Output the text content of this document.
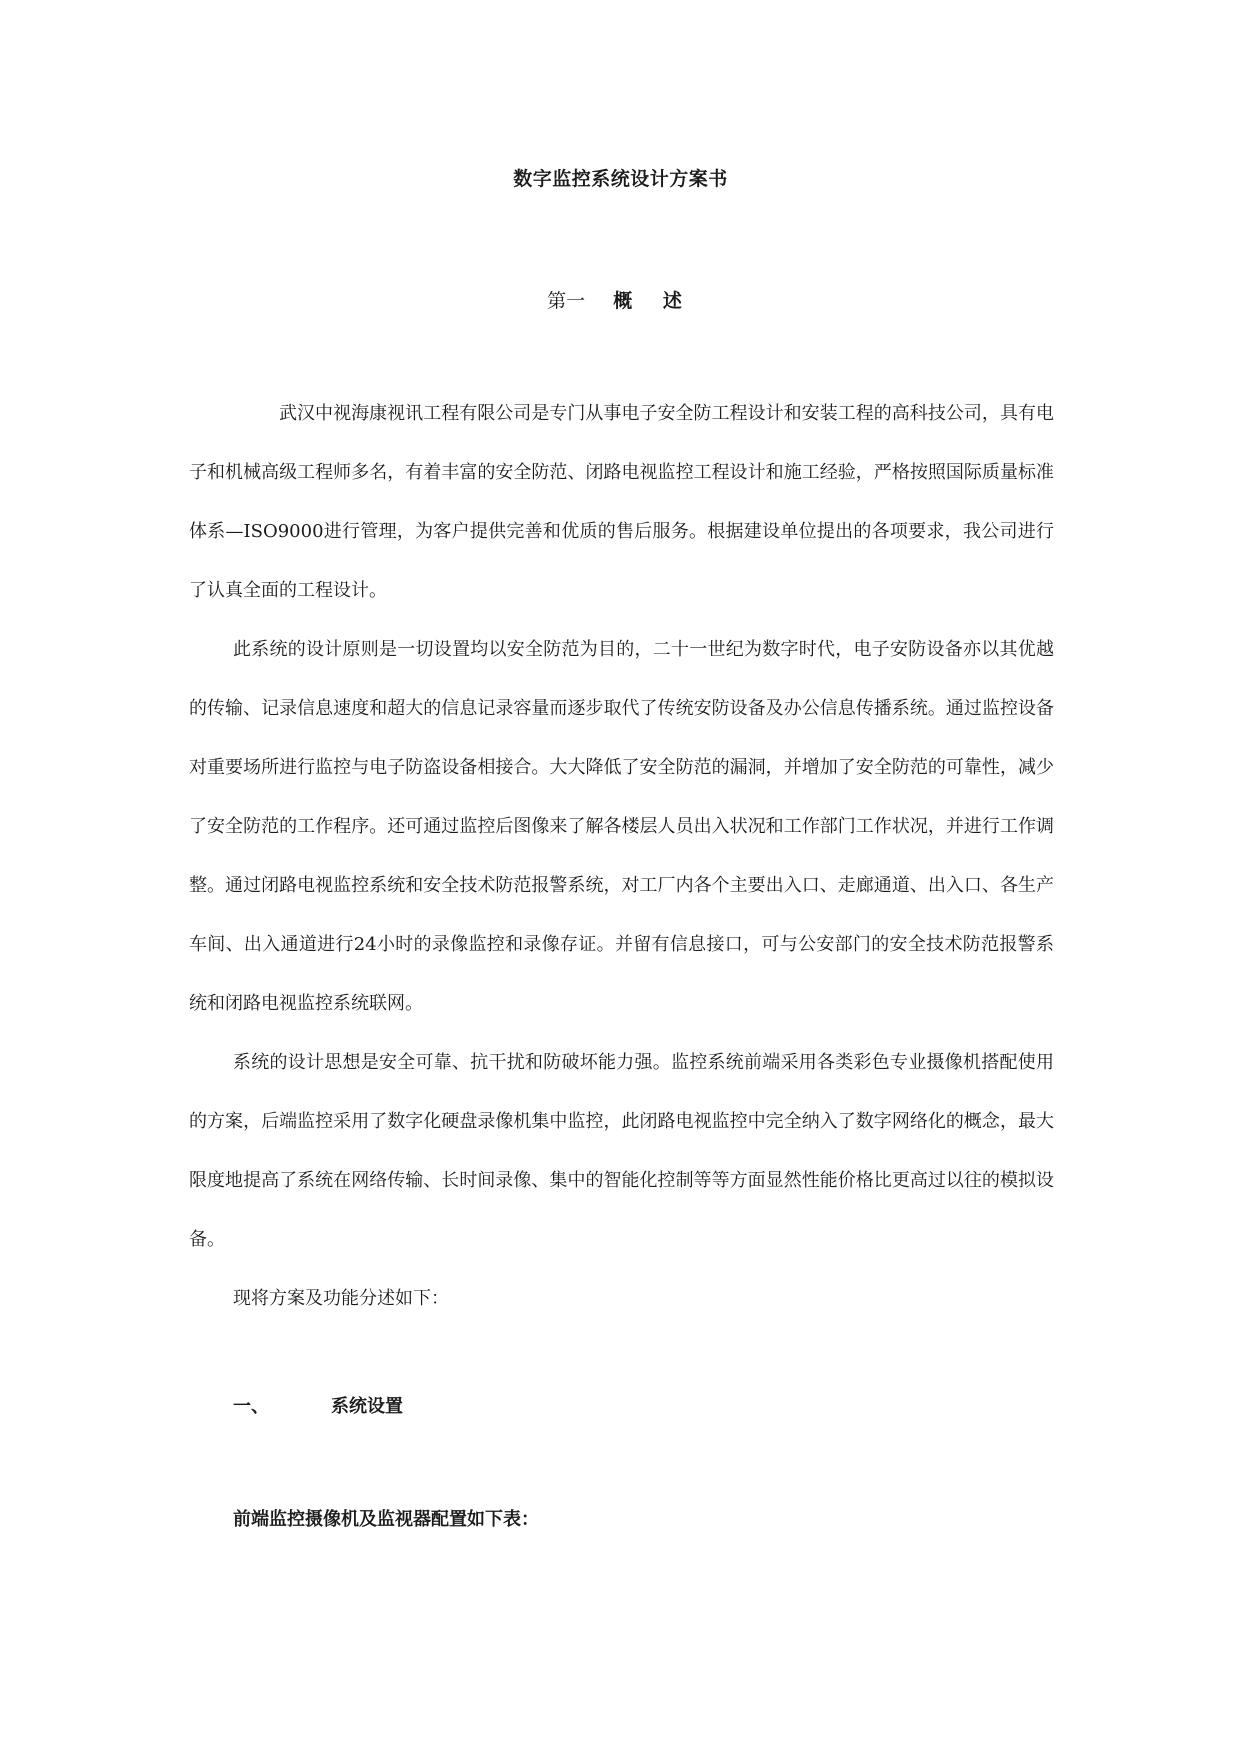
数字监控系统设计方案书
第一 概 述

武汉中视海康视讯工程有限公司是专门从事电子安全防工程设计和安装工程的高科技公司，具有电子和机械高级工程师多名，有着丰富的安全防范、闭路电视监控工程设计和施工经验，严格按照国际质量标准体系—ISO9000进行管理，为客户提供完善和优质的售后服务。根据建设单位提出的各项要求，我公司进行了认真全面的工程设计。

此系统的设计原则是一切设置均以安全防范为目的，二十一世纪为数字时代，电子安防设备亦以其优越的传输、记录信息速度和超大的信息记录容量而逐步取代了传统安防设备及办公信息传播系统。通过监控设备对重要场所进行监控与电子防盗设备相接合。大大降低了安全防范的漏洞，并增加了安全防范的可靠性，减少了安全防范的工作程序。还可通过监控后图像来了解各楼层人员出入状况和工作部门工作状况，并进行工作调整。通过闭路电视监控系统和安全技术防范报警系统，对工厂内各个主要出入口、走廊通道、出入口、各生产车间、出入通道进行24小时的录像监控和录像存证。并留有信息接口，可与公安部门的安全技术防范报警系统和闭路电视监控系统联网。

系统的设计思想是安全可靠、抗干扰和防破坏能力强。监控系统前端采用各类彩色专业摄像机搭配使用的方案，后端监控采用了数字化硬盘录像机集中监控，此闭路电视监控中完全纳入了数字网络化的概念，最大限度地提高了系统在网络传输、长时间录像、集中的智能化控制等等方面显然性能价格比更高过以往的模拟设备。

现将方案及功能分述如下：

一、	系统设置
前端监控摄像机及监视器配置如下表：
